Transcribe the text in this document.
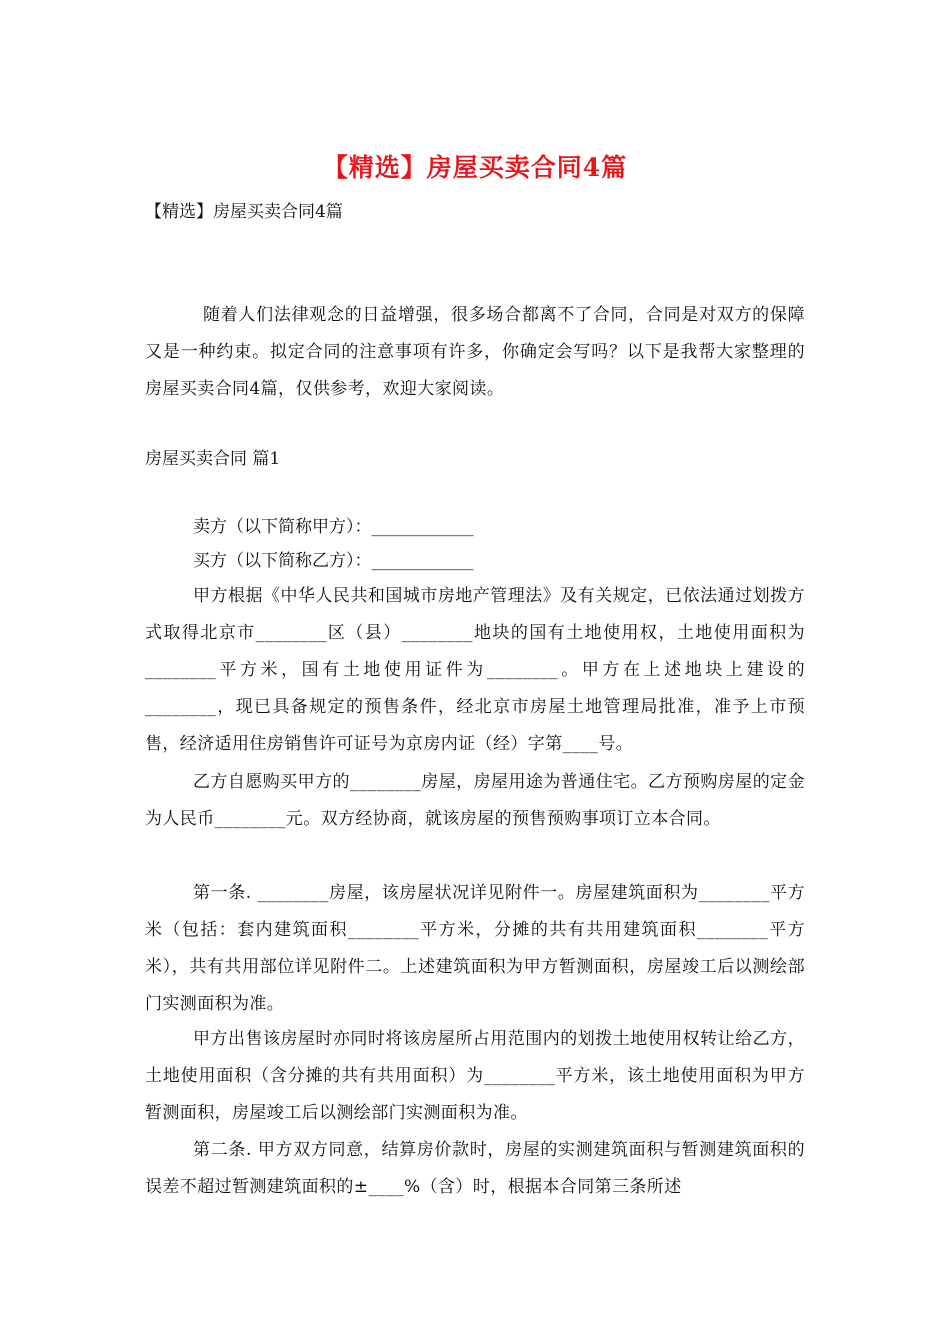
【精选】房屋买卖合同4篇
【精选】房屋买卖合同4篇
随着人们法律观念的日益增强，很多场合都离不了合同，合同是对双方的保障又是一种约束。拟定合同的注意事项有许多，你确定会写吗？以下是我帮大家整理的房屋买卖合同4篇，仅供参考，欢迎大家阅读。
房屋买卖合同 篇1
卖方（以下简称甲方）：____________
买方（以下简称乙方）：____________
甲方根据《中华人民共和国城市房地产管理法》及有关规定，已依法通过划拨方式取得北京市________区（县）________地块的国有土地使用权，土地使用面积为________平方米，国有土地使用证件为________。甲方在上述地块上建设的________，现已具备规定的预售条件，经北京市房屋土地管理局批准，准予上市预售，经济适用住房销售许可证号为京房内证（经）字第____号。
乙方自愿购买甲方的________房屋，房屋用途为普通住宅。乙方预购房屋的定金为人民币________元。双方经协商，就该房屋的预售预购事项订立本合同。
第一条. ________房屋，该房屋状况详见附件一。房屋建筑面积为________平方米（包括：套内建筑面积________平方米，分摊的共有共用建筑面积________平方米），共有共用部位详见附件二。上述建筑面积为甲方暂测面积，房屋竣工后以测绘部门实测面积为准。
甲方出售该房屋时亦同时将该房屋所占用范围内的划拨土地使用权转让给乙方，土地使用面积（含分摊的共有共用面积）为________平方米，该土地使用面积为甲方暂测面积，房屋竣工后以测绘部门实测面积为准。
第二条. 甲方双方同意，结算房价款时，房屋的实测建筑面积与暂测建筑面积的误差不超过暂测建筑面积的±____%（含）时，根据本合同第三条所述
